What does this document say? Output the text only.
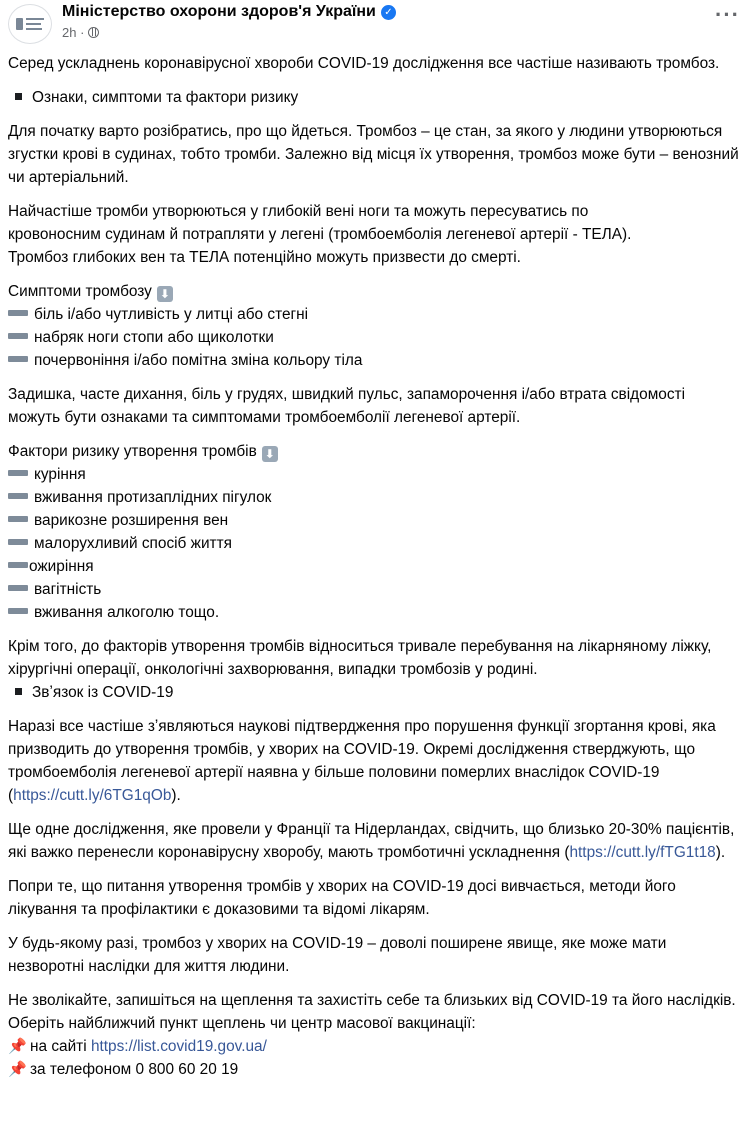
Міністерство охорони здоров'я України ✓
2h ·
···

Серед ускладнень коронавірусної хвороби COVID-19 дослідження все частіше називають тромбоз.

Ознаки, симптоми та фактори ризику

Для початку варто розібратись, про що йдеться. Тромбоз – це стан, за якого у людини утворюються згустки крові в судинах, тобто тромби. Залежно від місця їх утворення, тромбоз може бути – венозний чи артеріальний.

Найчастіше тромби утворюються у глибокій вені ноги та можуть пересуватись по
кровоносним судинам й потрапляти у легені (тромбоемболія легеневої артерії - ТЕЛА).
Тромбоз глибоких вен та ТЕЛА потенційно можуть призвести до смерті.

Симптоми тромбозу ⬇

біль і/або чутливість у литці або стегні
набряк ноги стопи або щиколотки
почервоніння і/або помітна зміна кольору тіла

Задишка, часте дихання, біль у грудях, швидкий пульс, запаморочення і/або втрата свідомості можуть бути ознаками та симптомами тромбоемболії легеневої артерії.

Фактори ризику утворення тромбів ⬇

куріння
вживання протизаплідних пігулок
варикозне розширення вен
малорухливий спосіб життя
ожиріння
вагітність
вживання алкоголю тощо.

Крім того, до факторів утворення тромбів відноситься тривале перебування на лікарняному ліжку, хірургічні операції, онкологічні захворювання, випадки тромбозів у родині.

Звʼязок із COVID-19

Наразі все частіше зʼявляються наукові підтвердження про порушення функції згортання крові, яка призводить до утворення тромбів, у хворих на COVID-19. Окремі дослідження стверджують, що тромбоемболія легеневої артерії наявна у більше половини померлих внаслідок COVID-19 (https://cutt.ly/6TG1qOb).

Ще одне дослідження, яке провели у Франції та Нідерландах, свідчить, що близько 20-30% пацієнтів, які важко перенесли коронавірусну хворобу, мають тромботичні ускладнення (https://cutt.ly/fTG1t18).

Попри те, що питання утворення тромбів у хворих на COVID-19 досі вивчається, методи його лікування та профілактики є доказовими та відомі лікарям.

У будь-якому разі, тромбоз у хворих на COVID-19 – доволі поширене явище, яке може мати незворотні наслідки для життя людини.

Не зволікайте, запишіться на щеплення та захистіть себе та близьких від COVID-19 та його наслідків. Оберіть найближчий пункт щеплень чи центр масової вакцинації:

📌 на сайті https://list.covid19.gov.ua/

📌 за телефоном 0 800 60 20 19
